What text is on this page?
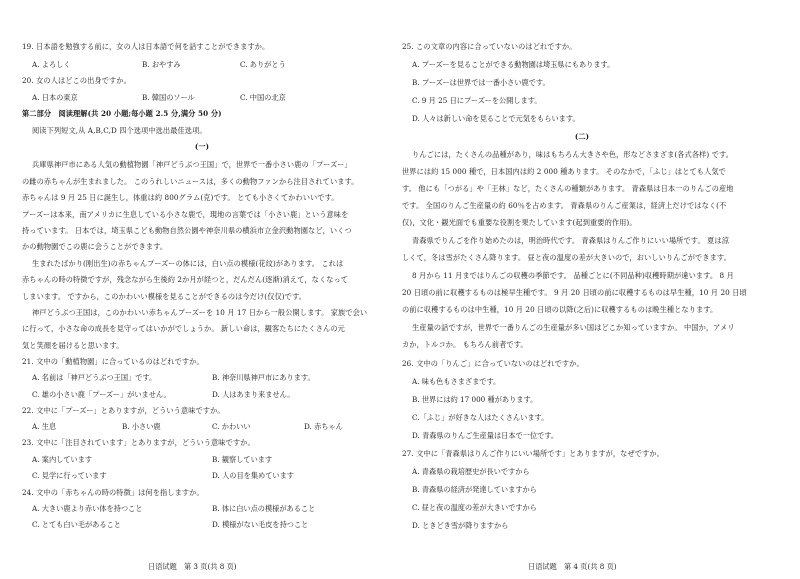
19. 日本語を勉強する前に，女の人は日本語で何を話すことができますか。
A. よろしく	B. おやすみ	C. ありがとう
20. 女の人はどこの出身ですか。
A. 日本の東京	B. 韓国のソール	C. 中国の北京
第二部分　阅读理解(共 20 小题;每小题 2.5 分,满分 50 分)
阅读下列短文,从 A,B,C,D 四个选项中选出最佳选项。
(一)
兵庫県神戸市にある人気の動植物園「神戸どうぶつ王国」で，世界で一番小さい鹿の「プーズー」
の雌の赤ちゃんが生まれました。 このうれしいニュースは，多くの動物ファンから注目されています。
赤ちゃんは 9 月 25 日に誕生し，体重は約 800グラム(克)です。 とても小さくてかわいいです。
プーズーは本来，南アメリカに生息している小さな鹿で，現地の言葉では「小さい鹿」という意味を
持っています。 日本では，埼玉県こども動物自然公園や神奈川県の横浜市立金沢動物園など，いくつ
かの動物園でこの鹿に会うことができます。
生まれたばかり(刚出生)の赤ちゃんプーズーの体には，白い点の模様(花纹)があります。 これは
赤ちゃんの時の特徴ですが，残念ながら生後約 2か月が経つと，だんだん(逐渐)消えて，なくなって
しまいます。 ですから，このかわいい模様を見ることができるのは今だけ(仅仅)です。
神戸どうぶつ王国は，このかわいい赤ちゃんプーズーを 10 月 17 日から一般公開します。 家族で会い
に行って，小さな命の成長を見守ってはいかがでしょうか。 新しい命は，観客たちにたくさんの元
気と笑顔を届けると思います。
21. 文中の「動植物園」に合っているのはどれですか。
A. 名前は「神戸どうぶつ王国」です。	B. 神奈川県神戸市にあります。
C. 雄の小さい鹿「プーズー」がいません。	D. 人はあまり来ません。
22. 文中に「プーズー」とありますが，どういう意味ですか。
A. 生息	B. 小さい鹿	C. かわいい	D. 赤ちゃん
23. 文中に「注目されています」とありますが，どういう意味ですか。
A. 案内しています	B. 観察しています
C. 見学に行っています	D. 人の目を集めています
24. 文中の「赤ちゃんの時の特徴」は何を指しますか。
A. 大きい鹿より赤い体を持つこと	B. 体に白い点の模様があること
C. とても白い毛があること	D. 模様がない毛皮を持つこと
日语试题　第 3 页(共 8 页)
25. この文章の内容に合っていないのはどれですか。
A. プーズーを見ることができる動物園は埼玉県にもあります。
B. プーズーは世界では一番小さい鹿です。
C. 9 月 25 日にプーズーを公開します。
D. 人々は新しい命を見ることで元気をもらいます。
(二)
りんごには，たくさんの品種があり，味はもちろん大きさや色，形などさまざま(各式各样) です。
世界には約 15 000 種で，日本国内は約 2 000 種あります。 そのなかで，「ふじ」はとても人気で
す。 他にも「つがる」や「王林」など，たくさんの種類があります。 青森県は日本一のりんごの産地
です。 全国のりんご生産量の約 60％を占めます。 青森県のりんご産業は，経済上だけではなく(不
仅)，文化・観光面でも重要な役割を果たしています(起到重要的作用)。
青森県でりんごを作り始めたのは，明治時代です。 青森県はりんご作りにいい場所です。 夏は涼
しくて，冬は雪がたくさん降ります。 昼と夜の温度の差が大きいので，おいしいりんごができます。
8 月から 11 月まではりんごの収穫の季節です。 品種ごとに(不同品种)収穫時期が違います。 8 月
20 日頃の前に収穫するものは極早生種です。 9 月 20 日頃の前に収穫するものは早生種，10 月 20 日頃
の前に収穫するものは中生種，10 月 20 日頃の以降(之后)に収穫するものは晩生種となります。
生産量の話ですが，世界で一番りんごの生産量が多い国はどこか知っていますか。 中国か，アメリ
カか，トルコか。 もちろん前者です。
26. 文中の「りんご」に合っていないのはどれですか。
A. 味も色もさまざまです。
B. 世界には約 17 000 種があります。
C.「ふじ」が好きな人はたくさんいます。
D. 青森県のりんご生産量は日本で一位です。
27. 文中に「青森県はりんご作りにいい場所です」とありますが，なぜですか。
A. 青森県の栽培歴史が長いですから
B. 青森県の経済が発達していますから
C. 昼と夜の温度の差が大きいですから
D. ときどき雪が降りますから
日语试题　第 4 页(共 8 页)
